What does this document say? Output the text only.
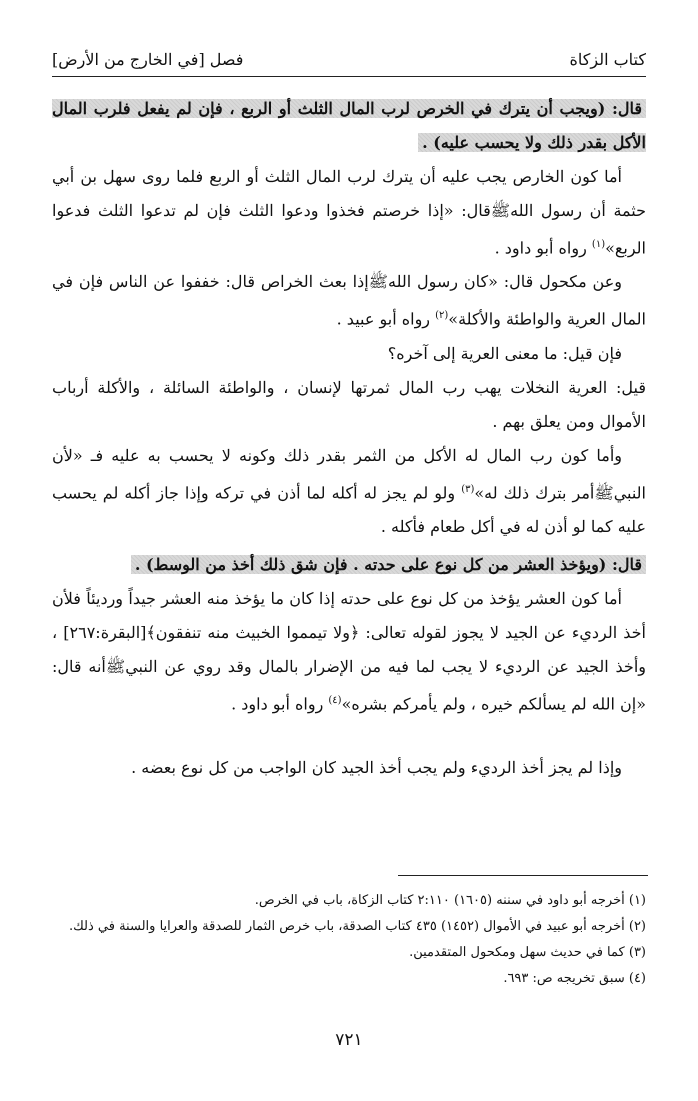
كتاب الزكاة
فصل [في الخارج من الأرض]

قال: (ويجب أن يترك في الخرص لرب المال الثلث أو الربع ، فإن لم يفعل فلرب المال الأكل بقدر ذلك ولا يحسب عليه) .

أما كون الخارص يجب عليه أن يترك لرب المال الثلث أو الربع فلما روى سهل بن أبي حثمة أن رسول اللهﷺقال: «إذا خرصتم فخذوا ودعوا الثلث فإن لم تدعوا الثلث فدعوا الربع»$^{(١)}$ رواه أبو داود .

وعن مكحول قال: «كان رسول اللهﷺإذا بعث الخراص قال: خففوا عن الناس فإن في المال العرية والواطئة والأكلة»$^{(٢)}$ رواه أبو عبيد .

فإن قيل: ما معنى العرية إلى آخره؟

قيل: العرية النخلات يهب رب المال ثمرتها لإنسان ، والواطئة السائلة ، والأكلة أرباب الأموال ومن يعلق بهم .

وأما كون رب المال له الأكل من الثمر بقدر ذلك وكونه لا يحسب به عليه فـ «لأن النبيﷺأمر بترك ذلك له»$^{(٣)}$ ولو لم يجز له أكله لما أذن في تركه وإذا جاز أكله لم يحسب عليه كما لو أذن له في أكل طعام فأكله .

قال: (ويؤخذ العشر من كل نوع على حدته . فإن شق ذلك أخذ من الوسط) .

أما كون العشر يؤخذ من كل نوع على حدته إذا كان ما يؤخذ منه العشر جيداً ورديئاً فلأن أخذ الرديء عن الجيد لا يجوز لقوله تعالى: ﴿ولا تيمموا الخبيث منه تنفقون﴾[البقرة:٢٦٧] ، وأخذ الجيد عن الرديء لا يجب لما فيه من الإضرار بالمال وقد روي عن النبيﷺأنه قال: «إن الله لم يسألكم خيره ، ولم يأمركم بشره»$^{(٤)}$ رواه أبو داود .

وإذا لم يجز أخذ الرديء ولم يجب أخذ الجيد كان الواجب من كل نوع بعضه .

(١) أخرجه أبو داود في سننه (١٦٠٥) ٢:١١٠ كتاب الزكاة، باب في الخرص.

(٢) أخرجه أبو عبيد في الأموال (١٤٥٢) ٤٣٥ كتاب الصدقة، باب خرص الثمار للصدقة والعرايا والسنة في ذلك.

(٣) كما في حديث سهل ومكحول المتقدمين.

(٤) سبق تخريجه ص: ٦٩٣.

٧٢١
